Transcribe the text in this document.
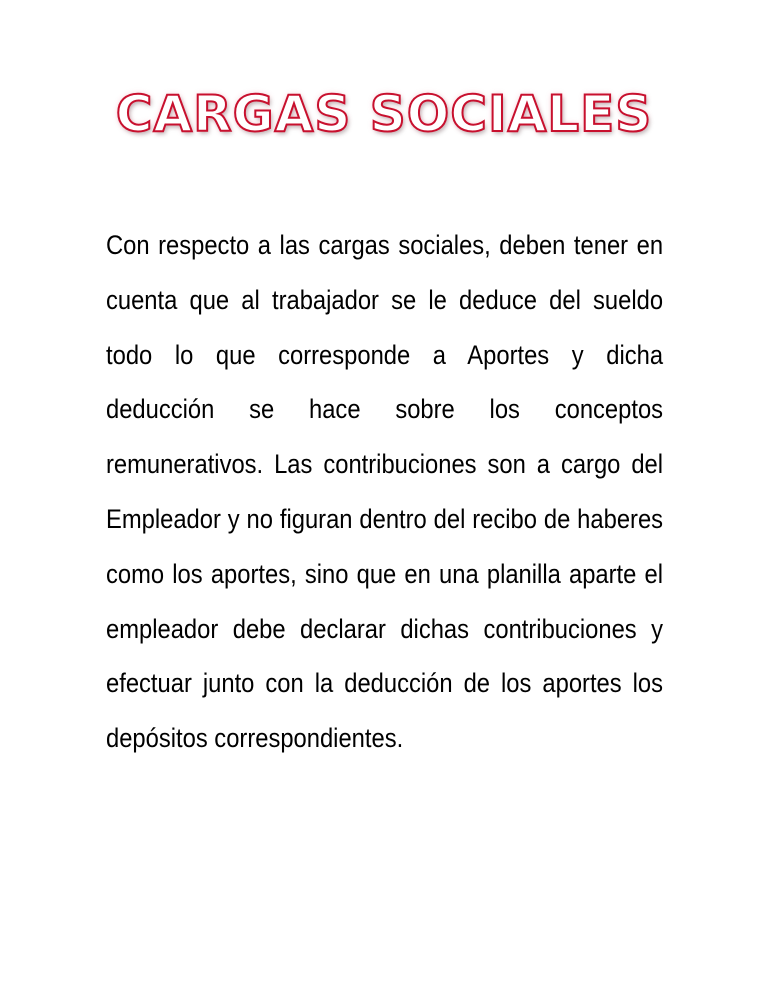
CARGAS SOCIALES

Con respecto a las cargas sociales, deben tener en cuenta que al trabajador se le deduce del sueldo todo lo que corresponde a Aportes y dicha deducción se hace sobre los conceptos remunerativos. Las contribuciones son a cargo del Empleador y no figuran dentro del recibo de haberes como los aportes, sino que en una planilla aparte el empleador debe declarar dichas contribuciones y efectuar junto con la deducción de los aportes los depósitos correspondientes.
